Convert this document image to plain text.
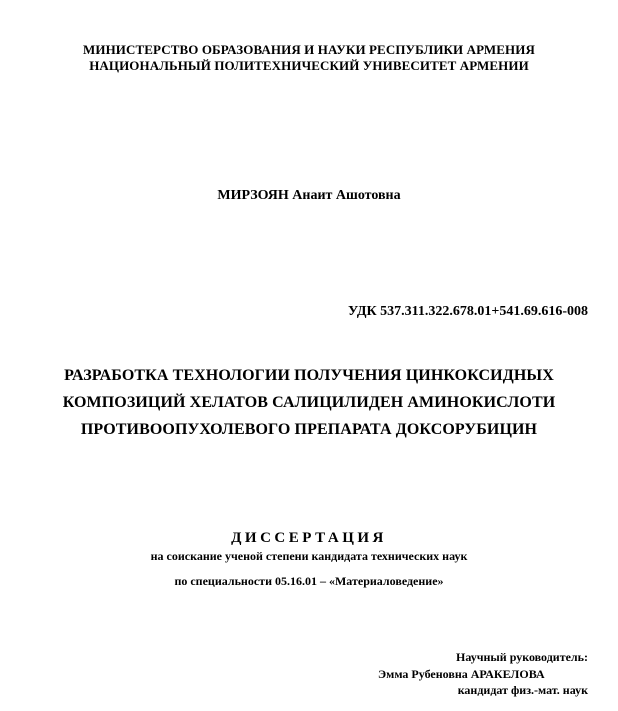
МИНИСТЕРСТВО ОБРАЗОВАНИЯ И НАУКИ РЕСПУБЛИКИ АРМЕНИЯ
НАЦИОНАЛЬНЫЙ ПОЛИТЕХНИЧЕСКИЙ УНИВЕСИТЕТ АРМЕНИИ
МИРЗОЯН Анаит Ашотовна
УДК 537.311.322.678.01+541.69.616-008
РАЗРАБОТКА ТЕХНОЛОГИИ ПОЛУЧЕНИЯ ЦИНКОКСИДНЫХ
КОМПОЗИЦИЙ ХЕЛАТОВ САЛИЦИЛИДЕН АМИНОКИСЛОТИ
ПРОТИВООПУХОЛЕВОГО ПРЕПАРАТА ДОКСОРУБИЦИН
ДИССЕРТАЦИЯ
на соискание ученой степени кандидата технических наук
по специальности 05.16.01 – «Материаловедение»
Научный руководитель:
Эмма Рубеновна АРАКЕЛОВА
кандидат физ.-мат. наук
